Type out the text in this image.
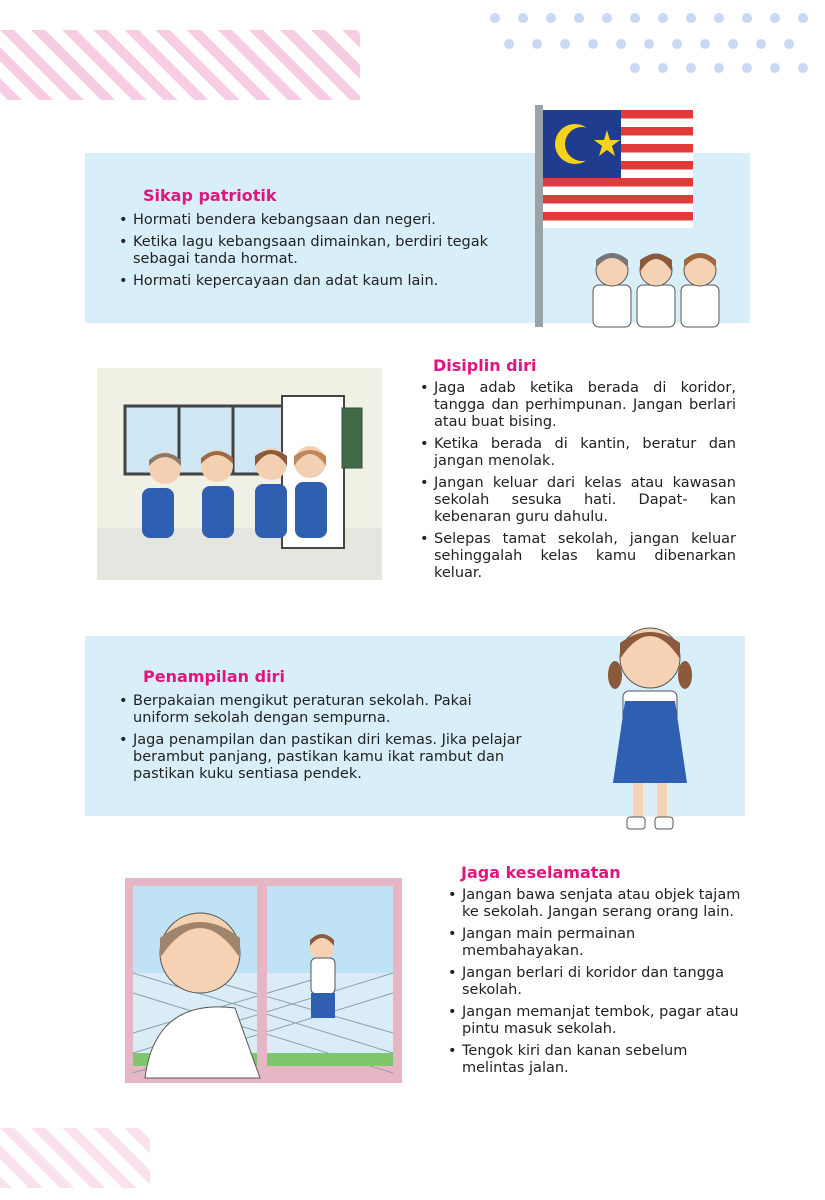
Sikap patriotik
• Hormati bendera kebangsaan dan negeri.
• Ketika lagu kebangsaan dimainkan, berdiri tegak sebagai tanda hormat.
• Hormati kepercayaan dan adat kaum lain.
Disiplin diri
• Jaga adab ketika berada di koridor, tangga dan perhimpunan. Jangan berlari atau buat bising.
• Ketika berada di kantin, beratur dan jangan menolak.
• Jangan keluar dari kelas atau kawasan sekolah sesuka hati. Dapat- kan kebenaran guru dahulu.
• Selepas tamat sekolah, jangan keluar sehinggalah kelas kamu dibenarkan keluar.
Penampilan diri
• Berpakaian mengikut peraturan sekolah. Pakai uniform sekolah dengan sempurna.
• Jaga penampilan dan pastikan diri kemas. Jika pelajar berambut panjang, pastikan kamu ikat rambut dan pastikan kuku sentiasa pendek.
Jaga keselamatan
• Jangan bawa senjata atau objek tajam ke sekolah. Jangan serang orang lain.
• Jangan main permainan membahayakan.
• Jangan berlari di koridor dan tangga sekolah.
• Jangan memanjat tembok, pagar atau pintu masuk sekolah.
• Tengok kiri dan kanan sebelum melintas jalan.
